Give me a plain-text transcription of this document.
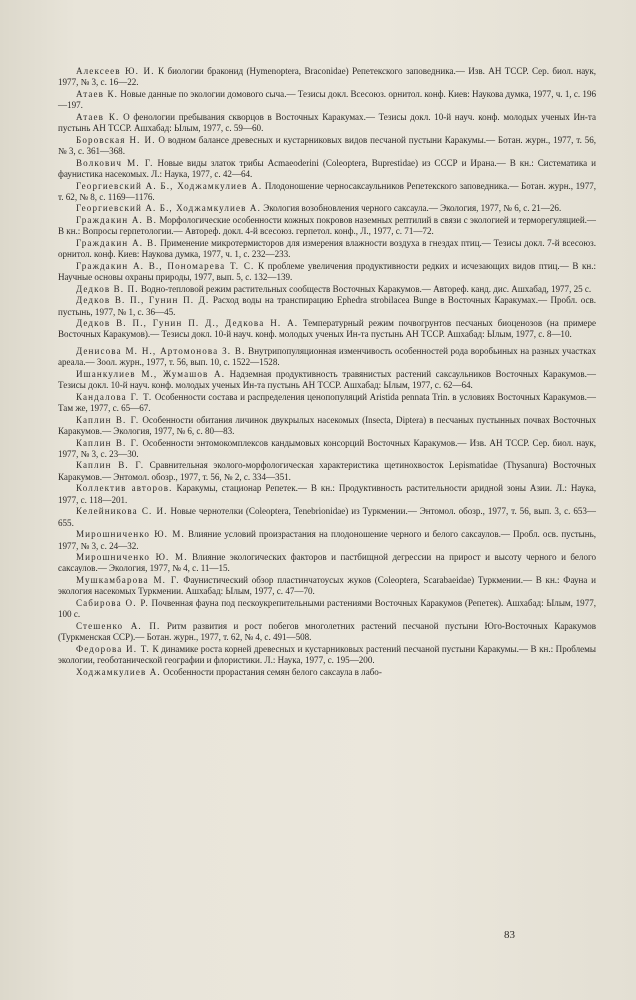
Алексеев Ю. И. К биологии браконид (Hymenoptera, Braconidae) Репетекского заповедника.— Изв. АН ТССР. Сер. биол. наук, 1977, № 3, с. 16—22.

Атаев К. Новые данные по экологии домового сыча.— Тезисы докл. Всесоюз. орнитол. конф. Киев: Наукова думка, 1977, ч. 1, с. 196—197.

Атаев К. О фенологии пребывания скворцов в Восточных Каракумах.— Тезисы докл. 10-й науч. конф. молодых ученых Ин-та пустынь АН ТССР. Ашхабад: Ылым, 1977, с. 59—60.

Боровская Н. И. О водном балансе древесных и кустарниковых видов песчаной пустыни Каракумы.— Ботан. журн., 1977, т. 56, № 3, с. 361—368.

Волкович М. Г. Новые виды златок трибы Acmaeoderini (Coleoptera, Buprestidae) из СССР и Ирана.— В кн.: Систематика и фаунистика насекомых. Л.: Наука, 1977, с. 42—64.

Георгиевский А. Б., Ходжамкулиев А. Плодоношение черносаксаульников Репетекского заповедника.— Ботан. журн., 1977, т. 62, № 8, с. 1169—1176.

Георгиевский А. Б., Ходжамкулиев А. Экология возобновления черного саксаула.— Экология, 1977, № 6, с. 21—26.

Граждакин А. В. Морфологические особенности кожных покровов наземных рептилий в связи с экологией и терморегуляцией.— В кн.: Вопросы герпетологии.— Автореф. докл. 4-й всесоюз. герпетол. конф., Л., 1977, с. 71—72.

Граждакин А. В. Применение микротермисторов для измерения влажности воздуха в гнездах птиц.— Тезисы докл. 7-й всесоюз. орнитол. конф. Киев: Наукова думка, 1977, ч. 1, с. 232—233.

Граждакин А. В., Пономарева Т. С. К проблеме увеличения продуктивности редких и исчезающих видов птиц.— В кн.: Научные основы охраны природы, 1977, вып. 5, с. 132—139.

Дедков В. П. Водно-тепловой режим растительных сообществ Восточных Каракумов.— Автореф. канд. дис. Ашхабад, 1977, 25 с.

Дедков В. П., Гунин П. Д. Расход воды на транспирацию Ephedra strobilacea Bunge в Восточных Каракумах.— Пробл. осв. пустынь, 1977, № 1, с. 36—45.

Дедков В. П., Гунин П. Д., Дедкова Н. А. Температурный режим почвогрунтов песчаных биоценозов (на примере Восточных Каракумов).— Тезисы докл. 10-й науч. конф. молодых ученых Ин-та пустынь АН ТССР. Ашхабад: Ылым, 1977, с. 8—10.

Денисова М. Н., Артомонова З. В. Внутрипопуляционная изменчивость особенностей рода воробьиных на разных участках ареала.— Зоол. журн., 1977, т. 56, вып. 10, с. 1522—1528.

Ишанкулиев М., Жумашов А. Надземная продуктивность травянистых растений саксаульников Восточных Каракумов.— Тезисы докл. 10-й науч. конф. молодых ученых Ин-та пустынь АН ТССР. Ашхабад: Ылым, 1977, с. 62—64.

Кандалова Г. Т. Особенности состава и распределения ценопопуляций Aristida pennata Trin. в условиях Восточных Каракумов.— Там же, 1977, с. 65—67.

Каплин В. Г. Особенности обитания личинок двукрылых насекомых (Insecta, Diptera) в песчаных пустынных почвах Восточных Каракумов.— Экология, 1977, № 6, с. 80—83.

Каплин В. Г. Особенности энтомокомплексов кандымовых консорций Восточных Каракумов.— Изв. АН ТССР. Сер. биол. наук, 1977, № 3, с. 23—30.

Каплин В. Г. Сравнительная эколого-морфологическая характеристика щетинохвосток Lepismatidae (Thysanura) Восточных Каракумов.— Энтомол. обозр., 1977, т. 56, № 2, с. 334—351.

Коллектив авторов. Каракумы, стационар Репетек.— В кн.: Продуктивность растительности аридной зоны Азии. Л.: Наука, 1977, с. 118—201.

Келейникова С. И. Новые чернотелки (Coleoptera, Tenebrionidae) из Туркмении.— Энтомол. обозр., 1977, т. 56, вып. 3, с. 653—655.

Мирошниченко Ю. М. Влияние условий произрастания на плодоношение черного и белого саксаулов.— Пробл. осв. пустынь, 1977, № 3, с. 24—32.

Мирошниченко Ю. М. Влияние экологических факторов и пастбищной дегрессии на прирост и высоту черного и белого саксаулов.— Экология, 1977, № 4, с. 11—15.

Мушкамбарова М. Г. Фаунистический обзор пластинчатоусых жуков (Coleoptera, Scarabaeidae) Туркмении.— В кн.: Фауна и экология насекомых Туркмении. Ашхабад: Ылым, 1977, с. 47—70.

Сабирова О. Р. Почвенная фауна под пескоукрепительными растениями Восточных Каракумов (Репетек). Ашхабад: Ылым, 1977, 100 с.

Стешенко А. П. Ритм развития и рост побегов многолетних растений песчаной пустыни Юго-Восточных Каракумов (Туркменская ССР).— Ботан. журн., 1977, т. 62, № 4, с. 491—508.

Федорова И. Т. К динамике роста корней древесных и кустарниковых растений песчаной пустыни Каракумы.— В кн.: Проблемы экологии, геоботанической географии и флористики. Л.: Наука, 1977, с. 195—200.

Ходжамкулиев А. Особенности прорастания семян белого саксаула в лабо-

83
